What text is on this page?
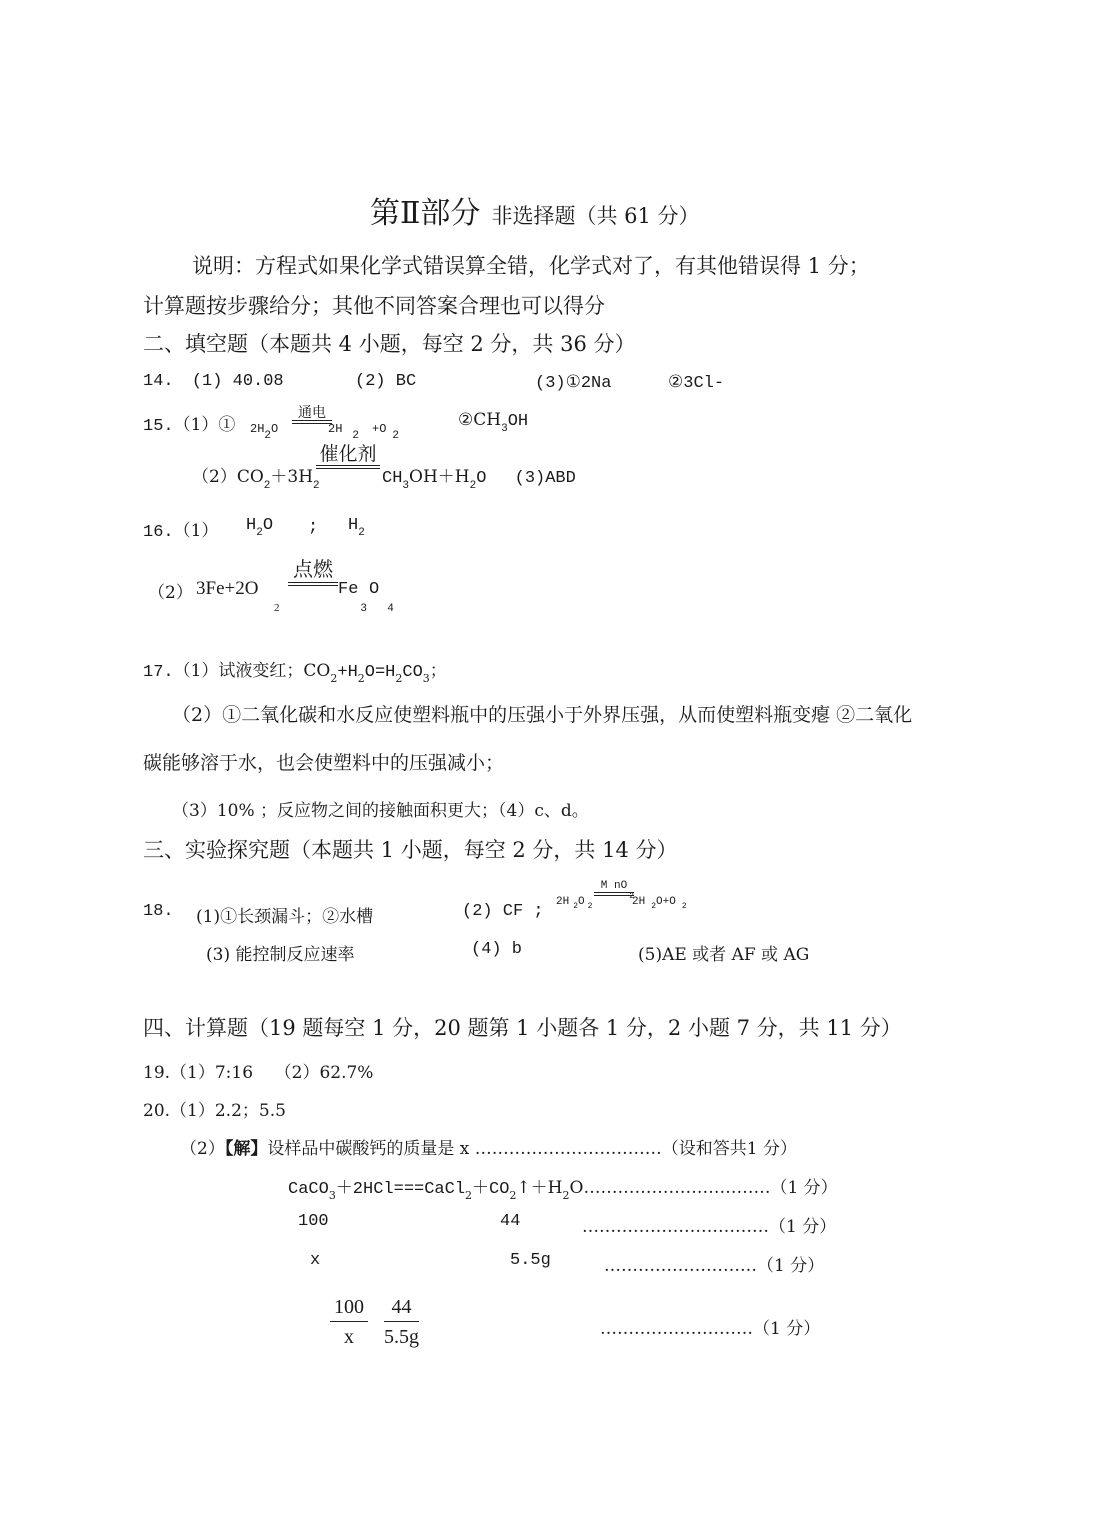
第Ⅱ部分 非选择题（共 61 分）
说明：方程式如果化学式错误算全错，化学式对了，有其他错误得 1 分；
计算题按步骤给分；其他不同答案合理也可以得分
二、填空题（本题共 4 小题，每空 2 分，共 36 分）
14. (1) 40.08	(2) BC	(3)①2Na	②3Cl-
15.（1）① 2H2O
通电
2H 2 +O 2
$②CH_3OH$
$(2)CO_2+3H_2$
催化剂
$CH_3OH+H_2O$ (3)ABD
16.（1） $H_2O$ ; $H_2$
（2） 3Fe+2O
2
点燃
$Fe_3O_4$
17.（1）试液变红；$CO_2+H_2O=H_2CO_3$；
（2）①二氧化碳和水反应使塑料瓶中的压强小于外界压强，从而使塑料瓶变瘪 ②二氧化
碳能够溶于水，也会使塑料中的压强减小；
（3）10% ；反应物之间的接触面积更大；（4）c、d。
三、实验探究题（本题共 1 小题，每空 2 分，共 14 分）
18. (1)①长颈漏斗；②水槽	(2) CF ; 2H $_2$O $_2$
M nO
2
2H $_2$O+O $_2$
(3) 能控制反应速率	(4) b	(5)AE 或者 AF 或 AG
四、计算题（19 题每空 1 分，20 题第 1 小题各 1 分，2 小题 7 分，共 11 分）
19.（1）7:16    （2）62.7%
20.（1）2.2；5.5
（2）【解】设样品中碳酸钙的质量是 x ……………………………（设和答共1 分）
$CaCO_3+2HCl===CaCl_2+CO_2↑+H_2O\dots\dots\dots\dots\dots\dots\dots\dots\dots\dots\dots(1$ 分）
100	44	……………………………（1 分）
x	5.5g	………………………（1 分）
$\frac{100}{x} \frac{44}{5.5g}$	………………………（1 分）
